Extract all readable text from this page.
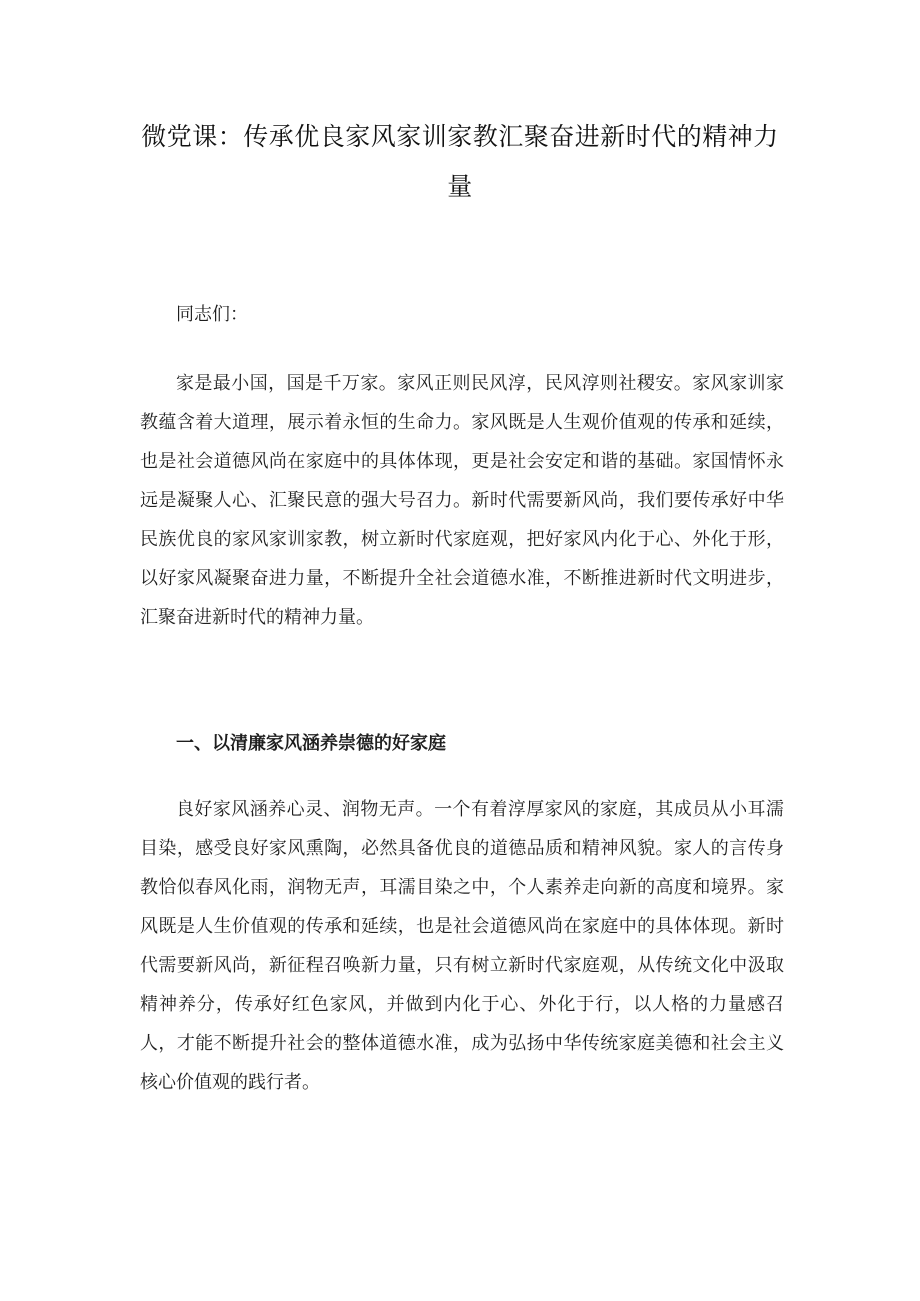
微党课：传承优良家风家训家教汇聚奋进新时代的精神力量
同志们：
家是最小国，国是千万家。家风正则民风淳，民风淳则社稷安。家风家训家教蕴含着大道理，展示着永恒的生命力。家风既是人生观价值观的传承和延续，也是社会道德风尚在家庭中的具体体现，更是社会安定和谐的基础。家国情怀永远是凝聚人心、汇聚民意的强大号召力。新时代需要新风尚，我们要传承好中华民族优良的家风家训家教，树立新时代家庭观，把好家风内化于心、外化于形，以好家风凝聚奋进力量，不断提升全社会道德水准，不断推进新时代文明进步，汇聚奋进新时代的精神力量。
一、以清廉家风涵养崇德的好家庭
良好家风涵养心灵、润物无声。一个有着淳厚家风的家庭，其成员从小耳濡目染，感受良好家风熏陶，必然具备优良的道德品质和精神风貌。家人的言传身教恰似春风化雨，润物无声，耳濡目染之中，个人素养走向新的高度和境界。家风既是人生价值观的传承和延续，也是社会道德风尚在家庭中的具体体现。新时代需要新风尚，新征程召唤新力量，只有树立新时代家庭观，从传统文化中汲取精神养分，传承好红色家风，并做到内化于心、外化于行，以人格的力量感召人，才能不断提升社会的整体道德水准，成为弘扬中华传统家庭美德和社会主义核心价值观的践行者。
